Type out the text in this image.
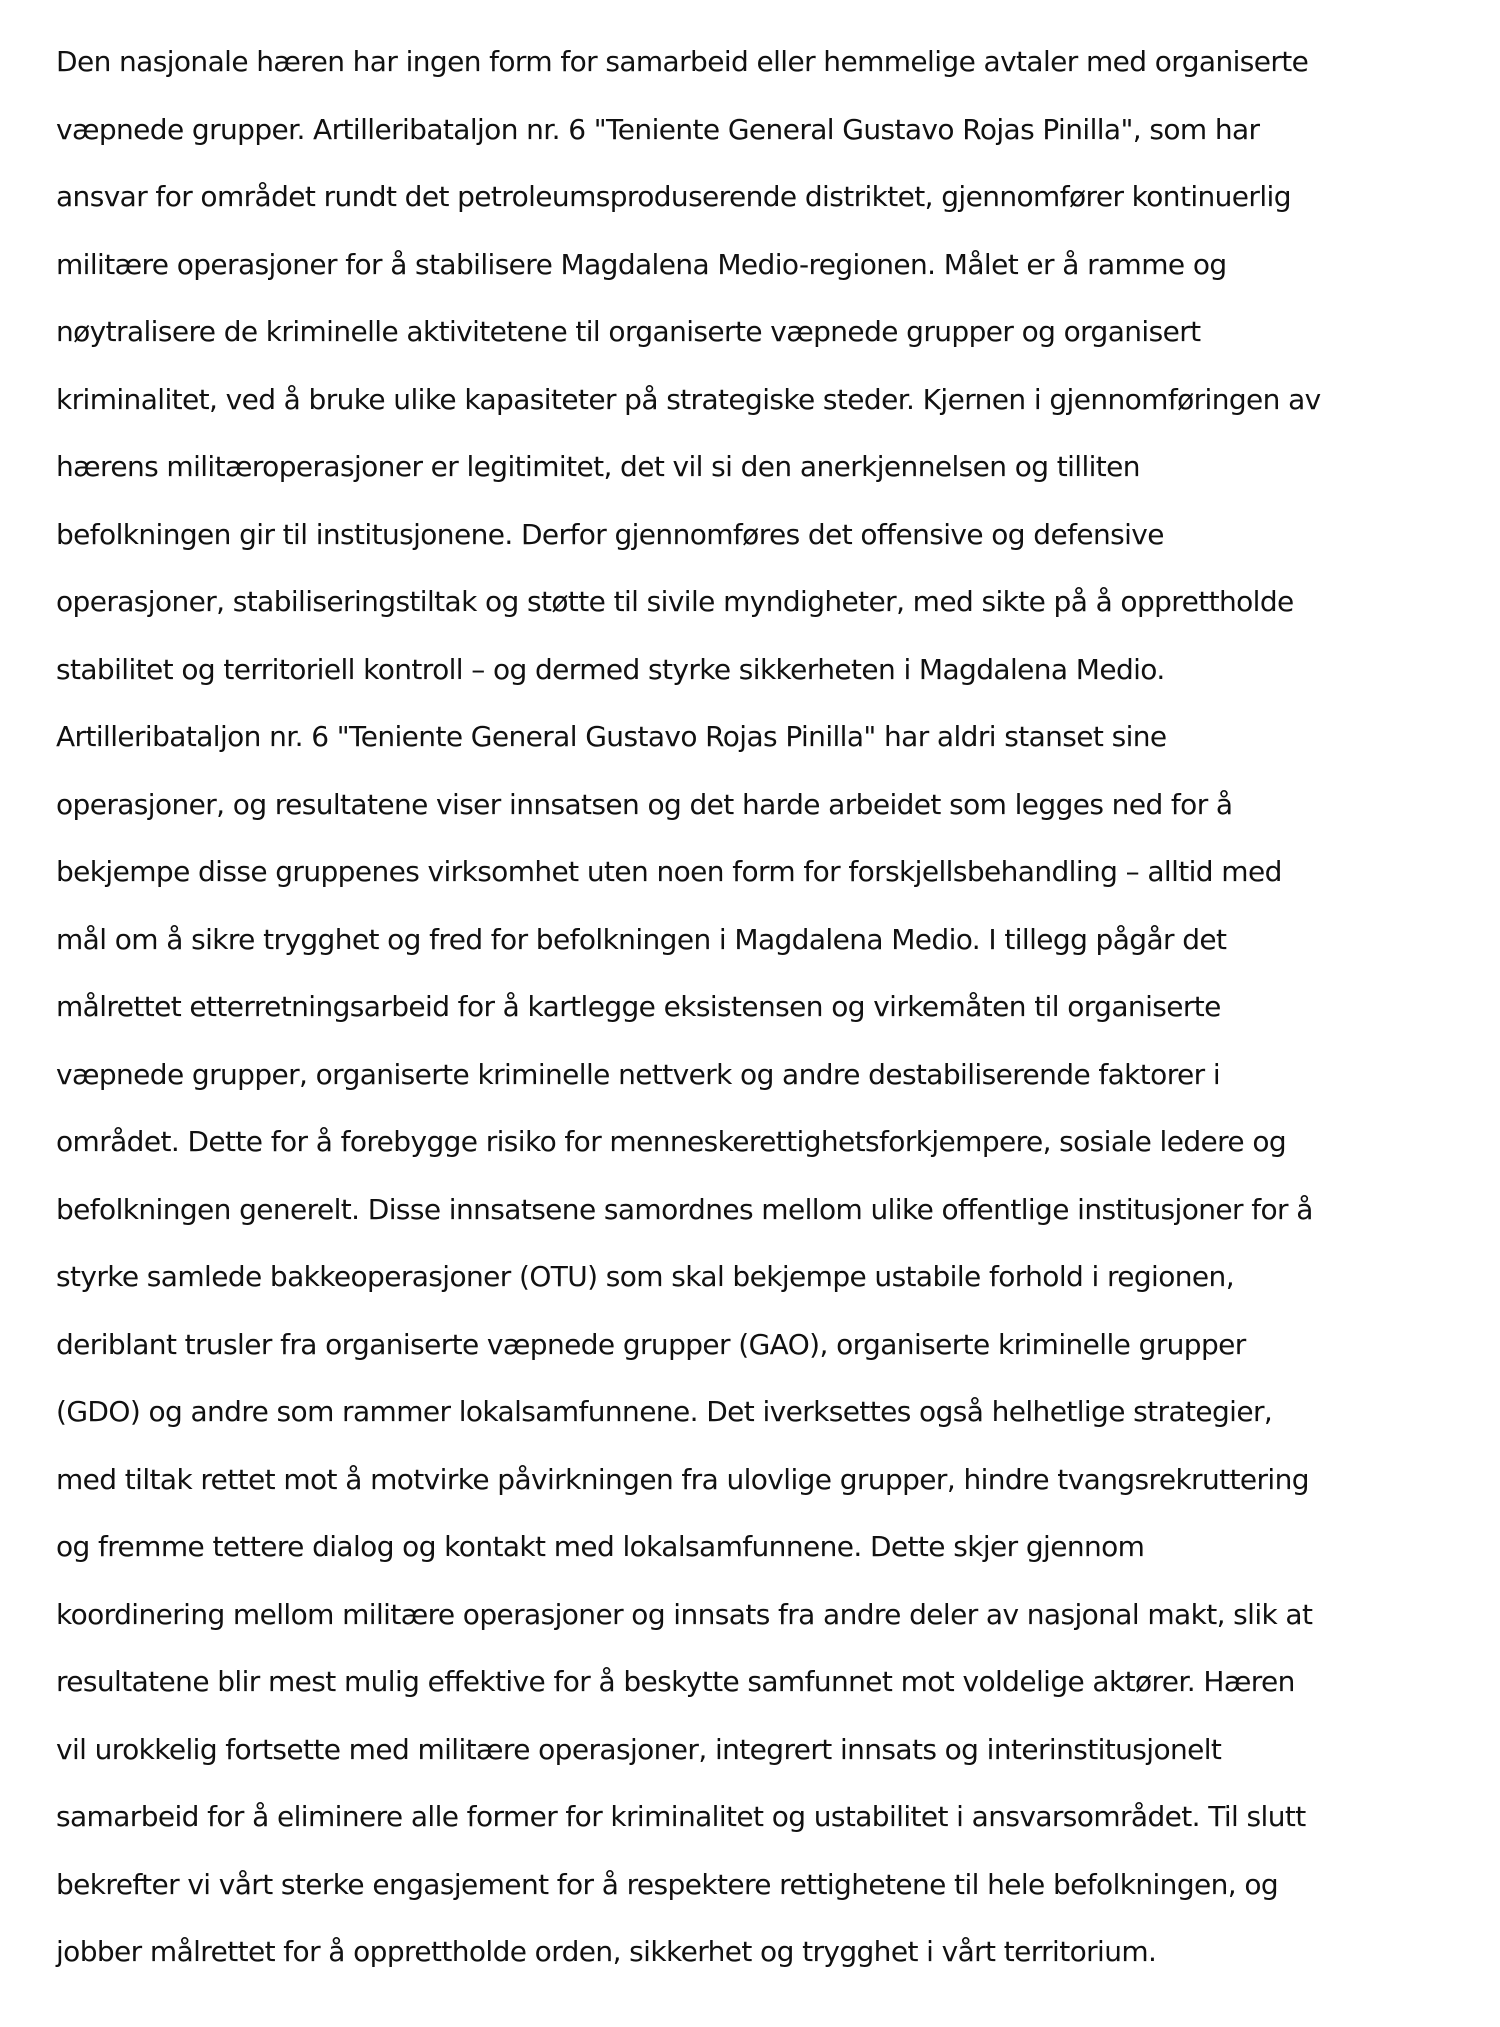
Den nasjonale hæren har ingen form for samarbeid eller hemmelige avtaler med organiserte
væpnede grupper. Artilleribataljon nr. 6 "Teniente General Gustavo Rojas Pinilla", som har
ansvar for området rundt det petroleumsproduserende distriktet, gjennomfører kontinuerlig
militære operasjoner for å stabilisere Magdalena Medio-regionen. Målet er å ramme og
nøytralisere de kriminelle aktivitetene til organiserte væpnede grupper og organisert
kriminalitet, ved å bruke ulike kapasiteter på strategiske steder. Kjernen i gjennomføringen av
hærens militæroperasjoner er legitimitet, det vil si den anerkjennelsen og tilliten
befolkningen gir til institusjonene. Derfor gjennomføres det offensive og defensive
operasjoner, stabiliseringstiltak og støtte til sivile myndigheter, med sikte på å opprettholde
stabilitet og territoriell kontroll – og dermed styrke sikkerheten i Magdalena Medio.
Artilleribataljon nr. 6 "Teniente General Gustavo Rojas Pinilla" har aldri stanset sine
operasjoner, og resultatene viser innsatsen og det harde arbeidet som legges ned for å
bekjempe disse gruppenes virksomhet uten noen form for forskjellsbehandling – alltid med
mål om å sikre trygghet og fred for befolkningen i Magdalena Medio. I tillegg pågår det
målrettet etterretningsarbeid for å kartlegge eksistensen og virkemåten til organiserte
væpnede grupper, organiserte kriminelle nettverk og andre destabiliserende faktorer i
området. Dette for å forebygge risiko for menneskerettighetsforkjempere, sosiale ledere og
befolkningen generelt. Disse innsatsene samordnes mellom ulike offentlige institusjoner for å
styrke samlede bakkeoperasjoner (OTU) som skal bekjempe ustabile forhold i regionen,
deriblant trusler fra organiserte væpnede grupper (GAO), organiserte kriminelle grupper
(GDO) og andre som rammer lokalsamfunnene. Det iverksettes også helhetlige strategier,
med tiltak rettet mot å motvirke påvirkningen fra ulovlige grupper, hindre tvangsrekruttering
og fremme tettere dialog og kontakt med lokalsamfunnene. Dette skjer gjennom
koordinering mellom militære operasjoner og innsats fra andre deler av nasjonal makt, slik at
resultatene blir mest mulig effektive for å beskytte samfunnet mot voldelige aktører. Hæren
vil urokkelig fortsette med militære operasjoner, integrert innsats og interinstitusjonelt
samarbeid for å eliminere alle former for kriminalitet og ustabilitet i ansvarsområdet. Til slutt
bekrefter vi vårt sterke engasjement for å respektere rettighetene til hele befolkningen, og
jobber målrettet for å opprettholde orden, sikkerhet og trygghet i vårt territorium.
